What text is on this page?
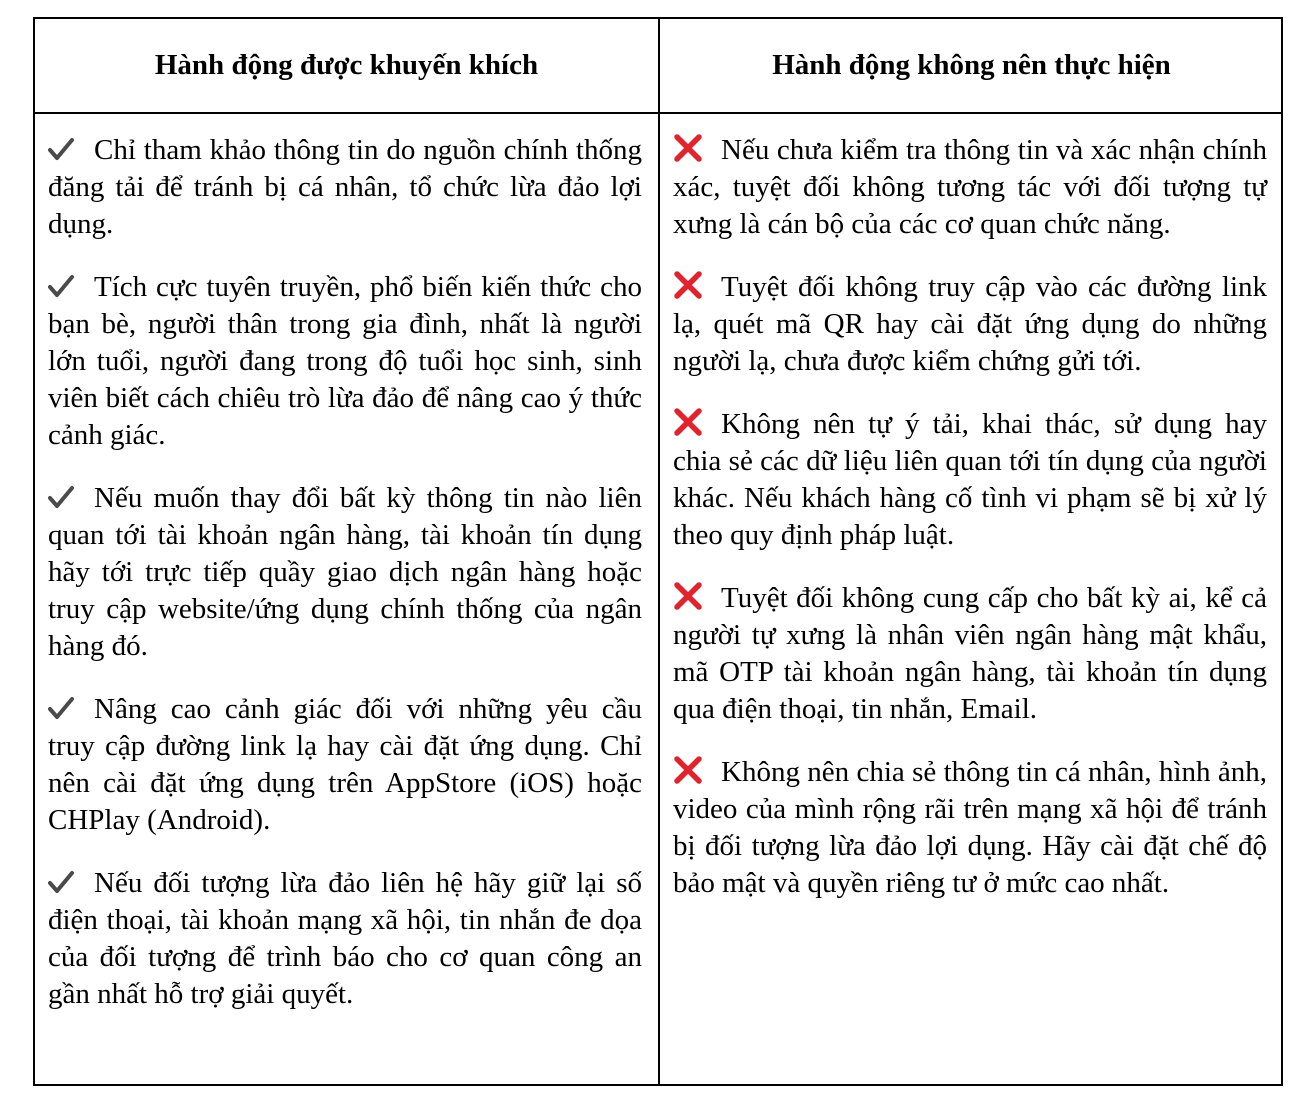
Hành động được khuyến khích	Hành động không nên thực hiện

Chỉ tham khảo thông tin do nguồn chính thống đăng tải để tránh bị cá nhân, tổ chức lừa đảo lợi dụng.

Tích cực tuyên truyền, phổ biến kiến thức cho bạn bè, người thân trong gia đình, nhất là người lớn tuổi, người đang trong độ tuổi học sinh, sinh viên biết cách chiêu trò lừa đảo để nâng cao ý thức cảnh giác.

Nếu muốn thay đổi bất kỳ thông tin nào liên quan tới tài khoản ngân hàng, tài khoản tín dụng hãy tới trực tiếp quầy giao dịch ngân hàng hoặc truy cập website/ứng dụng chính thống của ngân hàng đó.

Nâng cao cảnh giác đối với những yêu cầu truy cập đường link lạ hay cài đặt ứng dụng. Chỉ nên cài đặt ứng dụng trên AppStore (iOS) hoặc CHPlay (Android).

Nếu đối tượng lừa đảo liên hệ hãy giữ lại số điện thoại, tài khoản mạng xã hội, tin nhắn đe dọa của đối tượng để trình báo cho cơ quan công an gần nhất hỗ trợ giải quyết.

Nếu chưa kiểm tra thông tin và xác nhận chính xác, tuyệt đối không tương tác với đối tượng tự xưng là cán bộ của các cơ quan chức năng.

Tuyệt đối không truy cập vào các đường link lạ, quét mã QR hay cài đặt ứng dụng do những người lạ, chưa được kiểm chứng gửi tới.

Không nên tự ý tải, khai thác, sử dụng hay chia sẻ các dữ liệu liên quan tới tín dụng của người khác. Nếu khách hàng cố tình vi phạm sẽ bị xử lý theo quy định pháp luật.

Tuyệt đối không cung cấp cho bất kỳ ai, kể cả người tự xưng là nhân viên ngân hàng mật khẩu, mã OTP tài khoản ngân hàng, tài khoản tín dụng qua điện thoại, tin nhắn, Email.

Không nên chia sẻ thông tin cá nhân, hình ảnh, video của mình rộng rãi trên mạng xã hội để tránh bị đối tượng lừa đảo lợi dụng. Hãy cài đặt chế độ bảo mật và quyền riêng tư ở mức cao nhất.
